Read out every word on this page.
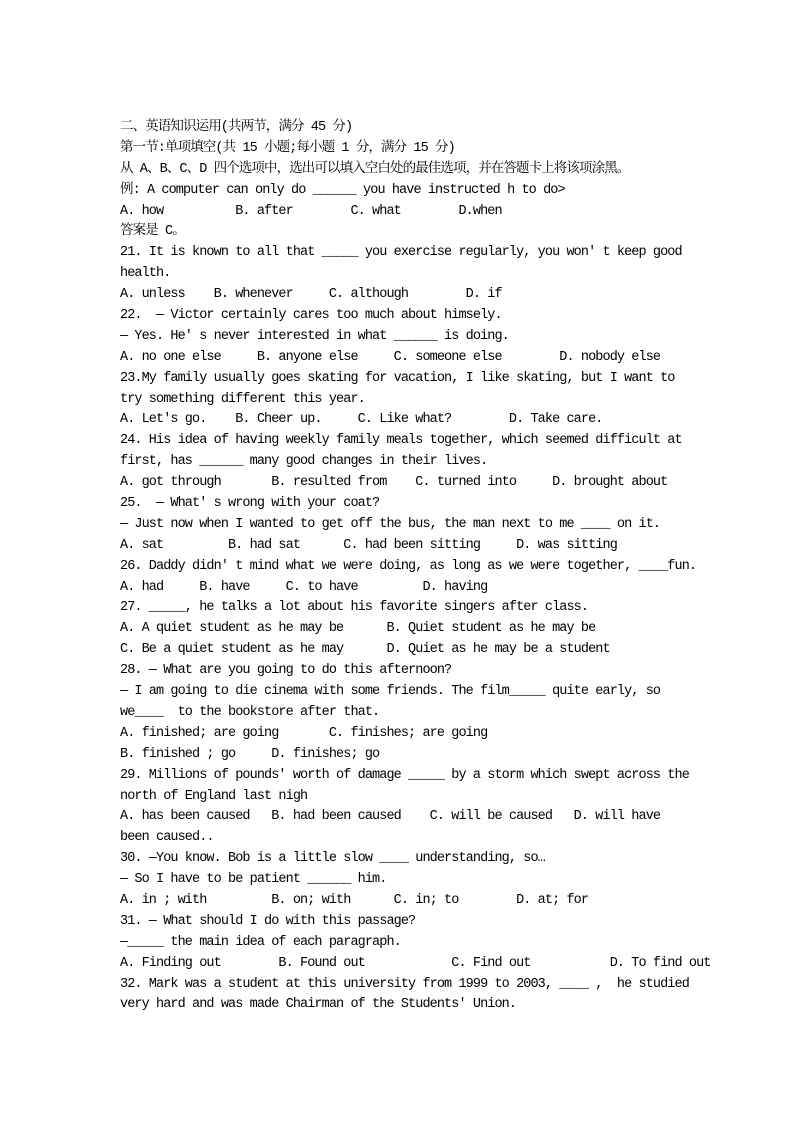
二、英语知识运用(共两节，满分 45 分)
第一节:单项填空(共 15 小题;每小题 1 分，满分 15 分)
从 A、B、C、D 四个选项中，选出可以填入空白处的最佳选项，并在答题卡上将该项涂黑。
例: A computer can only do ______ you have instructed h to do>
A. how          B. after        C. what        D.when
答案是 C。
21. It is known to all that _____ you exercise regularly, you won' t keep good
health.
A. unless    B. whenever     C. although        D. if
22.  — Victor certainly cares too much about himsely.
— Yes. He' s never interested in what ______ is doing.
A. no one else     B. anyone else     C. someone else        D. nobody else
23.My family usually goes skating for vacation, I like skating, but I want to
try something different this year.
A. Let's go.    B. Cheer up.     C. Like what?        D. Take care.
24. His idea of having weekly family meals together, which seemed difficult at
first, has ______ many good changes in their lives.
A. got through       B. resulted from    C. turned into     D. brought about
25.  — What' s wrong with your coat?
— Just now when I wanted to get off the bus, the man next to me ____ on it.
A. sat         B. had sat      C. had been sitting     D. was sitting
26. Daddy didn' t mind what we were doing, as long as we were together, ____fun.
A. had     B. have     C. to have         D. having
27. _____, he talks a lot about his favorite singers after class.
A. A quiet student as he may be      B. Quiet student as he may be
C. Be a quiet student as he may      D. Quiet as he may be a student
28. — What are you going to do this afternoon?
— I am going to die cinema with some friends. The film_____ quite early, so
we____  to the bookstore after that.
A. finished; are going       C. finishes; are going
B. finished ; go     D. finishes; go
29. Millions of pounds' worth of damage _____ by a storm which swept across the
north of England last nigh
A. has been caused   B. had been caused    C. will be caused   D. will have
been caused..
30. —You know. Bob is a little slow ____ understanding, so…
— So I have to be patient ______ him.
A. in ; with         B. on; with      C. in; to        D. at; for
31. — What should I do with this passage?
—_____ the main idea of each paragraph.
A. Finding out        B. Found out            C. Find out           D. To find out
32. Mark was a student at this university from 1999 to 2003, ____ ,  he studied
very hard and was made Chairman of the Students' Union.
